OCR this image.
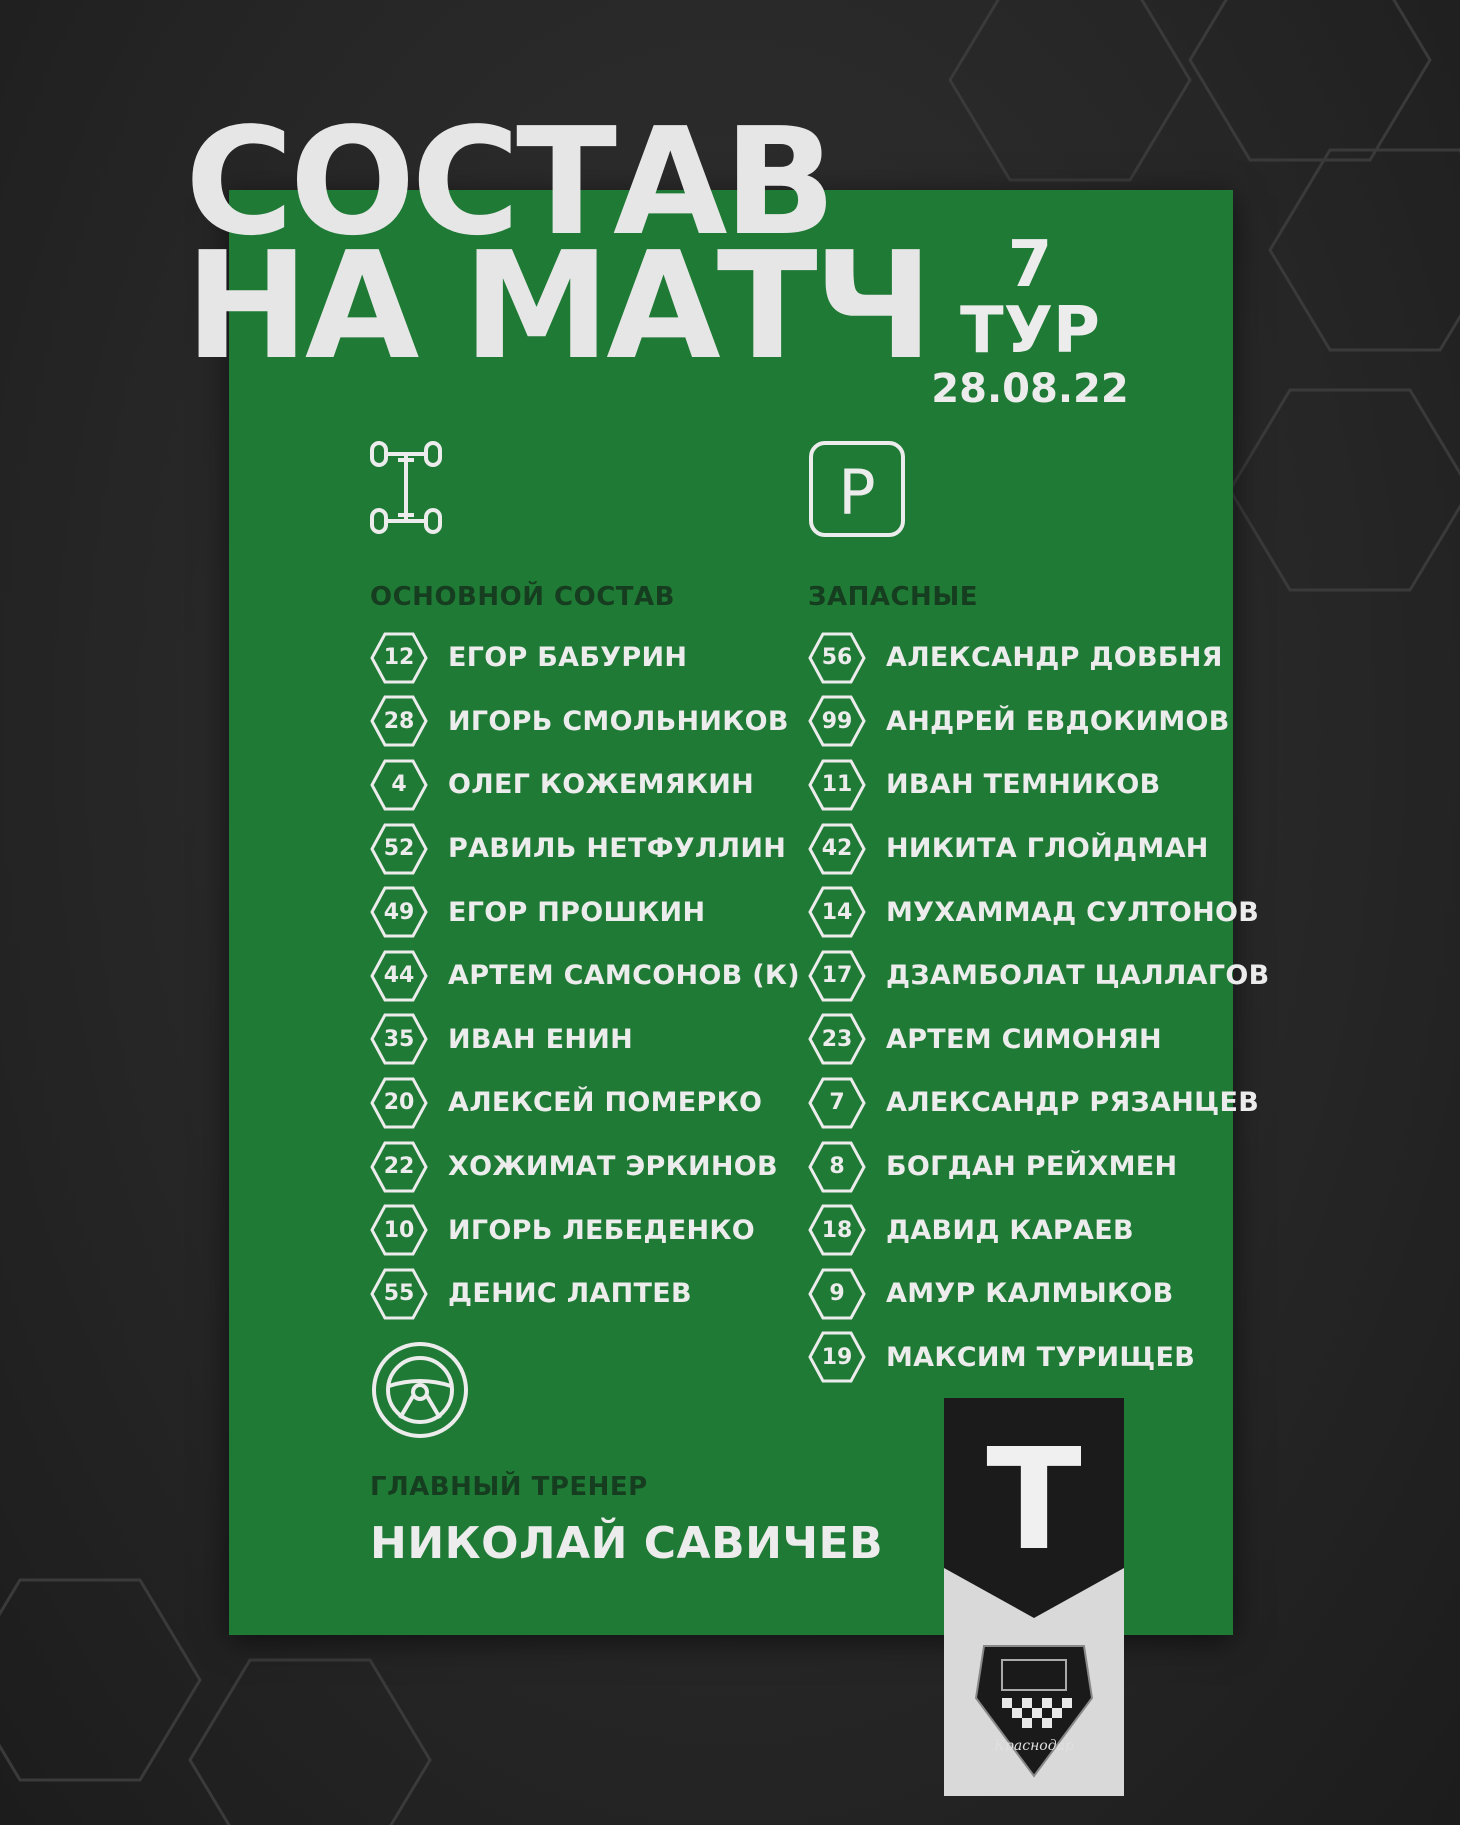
СОСТАВ
НА МАТЧ	7 ТУР
28.08.22
ОСНОВНОЙ СОСТАВ
12	ЕГОР БАБУРИН
28	ИГОРЬ СМОЛЬНИКОВ
4	ОЛЕГ КОЖЕМЯКИН
52	РАВИЛЬ НЕТФУЛЛИН
49	ЕГОР ПРОШКИН
44	АРТЕМ САМСОНОВ (К)
35	ИВАН ЕНИН
20	АЛЕКСЕЙ ПОМЕРКО
22	ХОЖИМАТ ЭРКИНОВ
10	ИГОРЬ ЛЕБЕДЕНКО
55	ДЕНИС ЛАПТЕВ
P
ЗАПАСНЫЕ
56	АЛЕКСАНДР ДОВБНЯ
99	АНДРЕЙ ЕВДОКИМОВ
11	ИВАН ТЕМНИКОВ
42	НИКИТА ГЛОЙДМАН
14	МУХАММАД СУЛТОНОВ
17	ДЗАМБОЛАТ ЦАЛЛАГОВ
23	АРТЕМ СИМОНЯН
7	АЛЕКСАНДР РЯЗАНЦЕВ
8	БОГДАН РЕЙХМЕН
18	ДАВИД КАРАЕВ
9	АМУР КАЛМЫКОВ
19	МАКСИМ ТУРИЩЕВ
ГЛАВНЫЙ ТРЕНЕР
НИКОЛАЙ САВИЧЕВ Т
Краснодар
